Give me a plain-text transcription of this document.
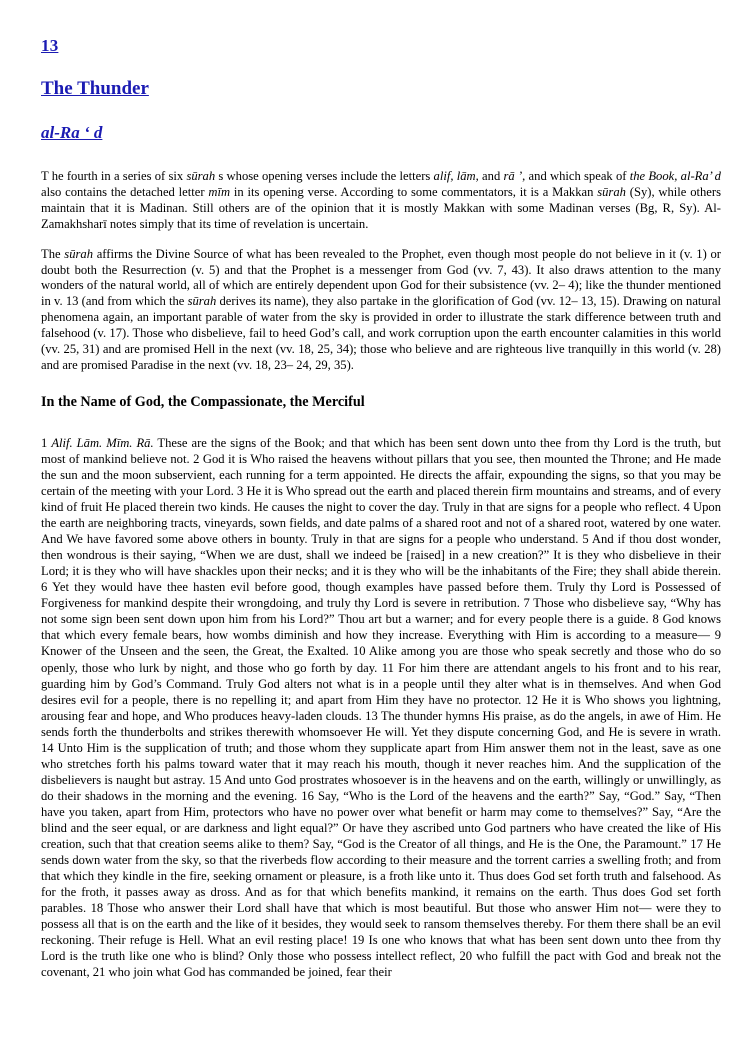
13
The Thunder
al-Ra ‘ d

T he fourth in a series of six sūrah s whose opening verses include the letters alif, lām, and rā ’, and which speak of the Book, al-Ra’ d also contains the detached letter mīm in its opening verse. According to some commentators, it is a Makkan sūrah (Sy), while others maintain that it is Madinan. Still others are of the opinion that it is mostly Makkan with some Madinan verses (Bg, R, Sy). Al-Zamakhsharī notes simply that its time of revelation is uncertain.

The sūrah affirms the Divine Source of what has been revealed to the Prophet, even though most people do not believe in it (v. 1) or doubt both the Resurrection (v. 5) and that the Prophet is a messenger from God (vv. 7, 43). It also draws attention to the many wonders of the natural world, all of which are entirely dependent upon God for their subsistence (vv. 2– 4); like the thunder mentioned in v. 13 (and from which the sūrah derives its name), they also partake in the glorification of God (vv. 12– 13, 15). Drawing on natural phenomena again, an important parable of water from the sky is provided in order to illustrate the stark difference between truth and falsehood (v. 17). Those who disbelieve, fail to heed God’s call, and work corruption upon the earth encounter calamities in this world (vv. 25, 31) and are promised Hell in the next (vv. 18, 25, 34); those who believe and are righteous live tranquilly in this world (v. 28) and are promised Paradise in the next (vv. 18, 23– 24, 29, 35).

In the Name of God, the Compassionate, the Merciful

1 Alif. Lām. Mīm. Rā. These are the signs of the Book; and that which has been sent down unto thee from thy Lord is the truth, but most of mankind believe not. 2 God it is Who raised the heavens without pillars that you see, then mounted the Throne; and He made the sun and the moon subservient, each running for a term appointed. He directs the affair, expounding the signs, so that you may be certain of the meeting with your Lord. 3 He it is Who spread out the earth and placed therein firm mountains and streams, and of every kind of fruit He placed therein two kinds. He causes the night to cover the day. Truly in that are signs for a people who reflect. 4 Upon the earth are neighboring tracts, vineyards, sown fields, and date palms of a shared root and not of a shared root, watered by one water. And We have favored some above others in bounty. Truly in that are signs for a people who understand. 5 And if thou dost wonder, then wondrous is their saying, “When we are dust, shall we indeed be [raised] in a new creation?” It is they who disbelieve in their Lord; it is they who will have shackles upon their necks; and it is they who will be the inhabitants of the Fire; they shall abide therein. 6 Yet they would have thee hasten evil before good, though examples have passed before them. Truly thy Lord is Possessed of Forgiveness for mankind despite their wrongdoing, and truly thy Lord is severe in retribution. 7 Those who disbelieve say, “Why has not some sign been sent down upon him from his Lord?” Thou art but a warner; and for every people there is a guide. 8 God knows that which every female bears, how wombs diminish and how they increase. Everything with Him is according to a measure— 9 Knower of the Unseen and the seen, the Great, the Exalted. 10 Alike among you are those who speak secretly and those who do so openly, those who lurk by night, and those who go forth by day. 11 For him there are attendant angels to his front and to his rear, guarding him by God’s Command. Truly God alters not what is in a people until they alter what is in themselves. And when God desires evil for a people, there is no repelling it; and apart from Him they have no protector. 12 He it is Who shows you lightning, arousing fear and hope, and Who produces heavy-laden clouds. 13 The thunder hymns His praise, as do the angels, in awe of Him. He sends forth the thunderbolts and strikes therewith whomsoever He will. Yet they dispute concerning God, and He is severe in wrath. 14 Unto Him is the supplication of truth; and those whom they supplicate apart from Him answer them not in the least, save as one who stretches forth his palms toward water that it may reach his mouth, though it never reaches him. And the supplication of the disbelievers is naught but astray. 15 And unto God prostrates whosoever is in the heavens and on the earth, willingly or unwillingly, as do their shadows in the morning and the evening. 16 Say, “Who is the Lord of the heavens and the earth?” Say, “God.” Say, “Then have you taken, apart from Him, protectors who have no power over what benefit or harm may come to themselves?” Say, “Are the blind and the seer equal, or are darkness and light equal?” Or have they ascribed unto God partners who have created the like of His creation, such that that creation seems alike to them? Say, “God is the Creator of all things, and He is the One, the Paramount.” 17 He sends down water from the sky, so that the riverbeds flow according to their measure and the torrent carries a swelling froth; and from that which they kindle in the fire, seeking ornament or pleasure, is a froth like unto it. Thus does God set forth truth and falsehood. As for the froth, it passes away as dross. And as for that which benefits mankind, it remains on the earth. Thus does God set forth parables. 18 Those who answer their Lord shall have that which is most beautiful. But those who answer Him not— were they to possess all that is on the earth and the like of it besides, they would seek to ransom themselves thereby. For them there shall be an evil reckoning. Their refuge is Hell. What an evil resting place! 19 Is one who knows that what has been sent down unto thee from thy Lord is the truth like one who is blind? Only those who possess intellect reflect, 20 who fulfill the pact with God and break not the covenant, 21 who join what God has commanded be joined, fear their
